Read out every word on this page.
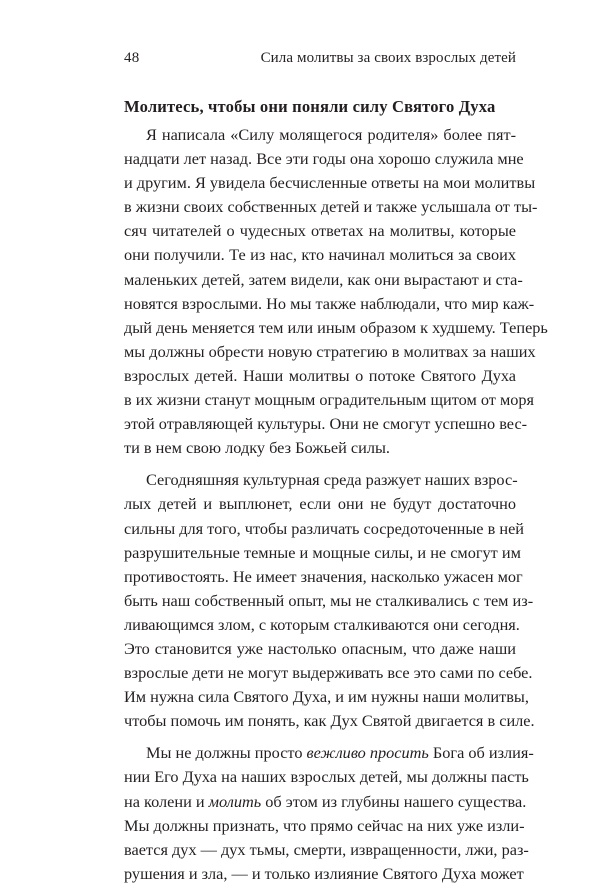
48	Сила молитвы за своих взрослых детей
Молитесь, чтобы они поняли силу Святого Духа
Я написала «Силу молящегося родителя» более пят-
надцати лет назад. Все эти годы она хорошо служила мне
и другим. Я увидела бесчисленные ответы на мои молитвы
в жизни своих собственных детей и также услышала от ты-
сяч читателей о чудесных ответах на молитвы, которые
они получили. Те из нас, кто начинал молиться за своих
маленьких детей, затем видели, как они вырастают и ста-
новятся взрослыми. Но мы также наблюдали, что мир каж-
дый день меняется тем или иным образом к худшему. Теперь
мы должны обрести новую стратегию в молитвах за наших
взрослых детей. Наши молитвы о потоке Святого Духа
в их жизни станут мощным оградительным щитом от моря
этой отравляющей культуры. Они не смогут успешно вес-
ти в нем свою лодку без Божьей силы.
Сегодняшняя культурная среда разжует наших взрос-
лых детей и выплюнет, если они не будут достаточно
сильны для того, чтобы различать сосредоточенные в ней
разрушительные темные и мощные силы, и не смогут им
противостоять. Не имеет значения, насколько ужасен мог
быть наш собственный опыт, мы не сталкивались с тем из-
ливающимся злом, с которым сталкиваются они сегодня.
Это становится уже настолько опасным, что даже наши
взрослые дети не могут выдерживать все это сами по себе.
Им нужна сила Святого Духа, и им нужны наши молитвы,
чтобы помочь им понять, как Дух Святой двигается в силе.
Мы не должны просто вежливо просить Бога об излия-
нии Его Духа на наших взрослых детей, мы должны пасть
на колени и молить об этом из глубины нашего существа.
Мы должны признать, что прямо сейчас на них уже изли-
вается дух — дух тьмы, смерти, извращенности, лжи, раз-
рушения и зла, — и только излияние Святого Духа может
